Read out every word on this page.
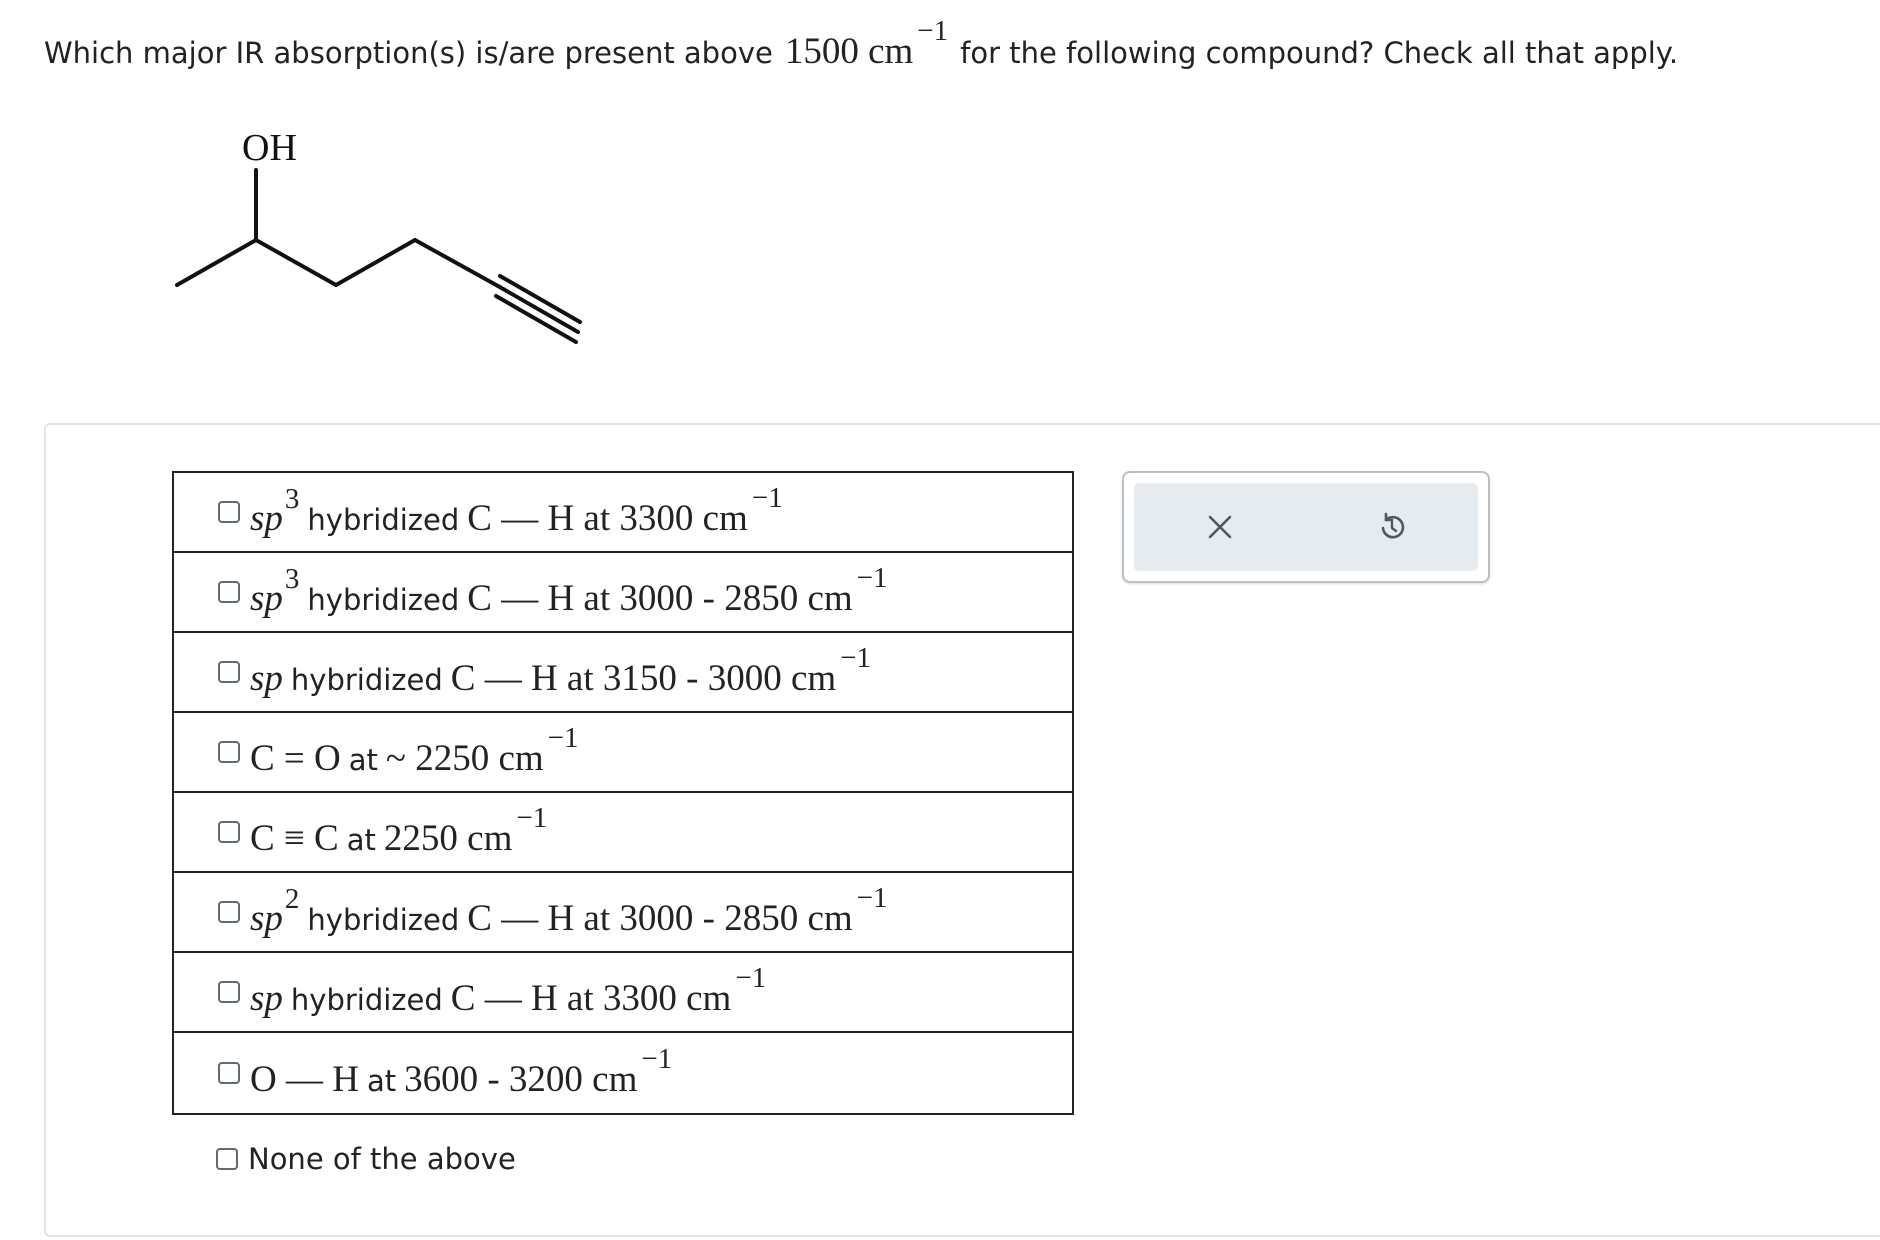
Which major IR absorption(s) is/are present above 1500 cm −1
for the following compound? Check all that apply.
OH
sp 3
hybridized C — H at 3300 cm −1
sp 3
hybridized C — H at 3000 - 2850 cm −1
sp hybridized C — H at 3150 - 3000 cm −1
C = O at ~ 2250 cm −1
C ≡ C at 2250 cm −1
sp 2
hybridized C — H at 3000 - 2850 cm −1
sp hybridized C — H at 3300 cm −1
O — H at 3600 - 3200 cm −1
None of the above
